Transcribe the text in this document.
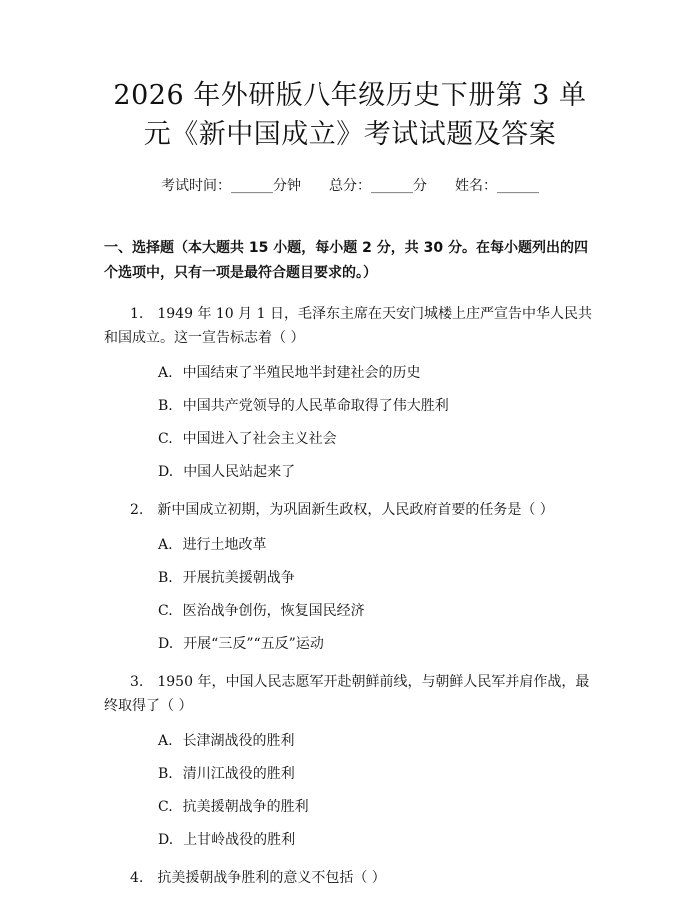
2026 年外研版八年级历史下册第 3 单元《新中国成立》考试试题及答案
考试时间：______分钟 总分：______分 姓名：______
一、选择题（本大题共 15 小题，每小题 2 分，共 30 分。在每小题列出的四个选项中，只有一项是最符合题目要求的。）

1. 1949 年 10 月 1 日，毛泽东主席在天安门城楼上庄严宣告中华人民共和国成立。这一宣告标志着（ ）

A. 中国结束了半殖民地半封建社会的历史
B. 中国共产党领导的人民革命取得了伟大胜利
C. 中国进入了社会主义社会
D. 中国人民站起来了

2. 新中国成立初期，为巩固新生政权，人民政府首要的任务是（ ）

A. 进行土地改革
B. 开展抗美援朝战争
C. 医治战争创伤，恢复国民经济
D. 开展“三反”“五反”运动

3. 1950 年，中国人民志愿军开赴朝鲜前线，与朝鲜人民军并肩作战，最终取得了（ ）

A. 长津湖战役的胜利
B. 清川江战役的胜利
C. 抗美援朝战争的胜利
D. 上甘岭战役的胜利

4. 抗美援朝战争胜利的意义不包括（ ）
